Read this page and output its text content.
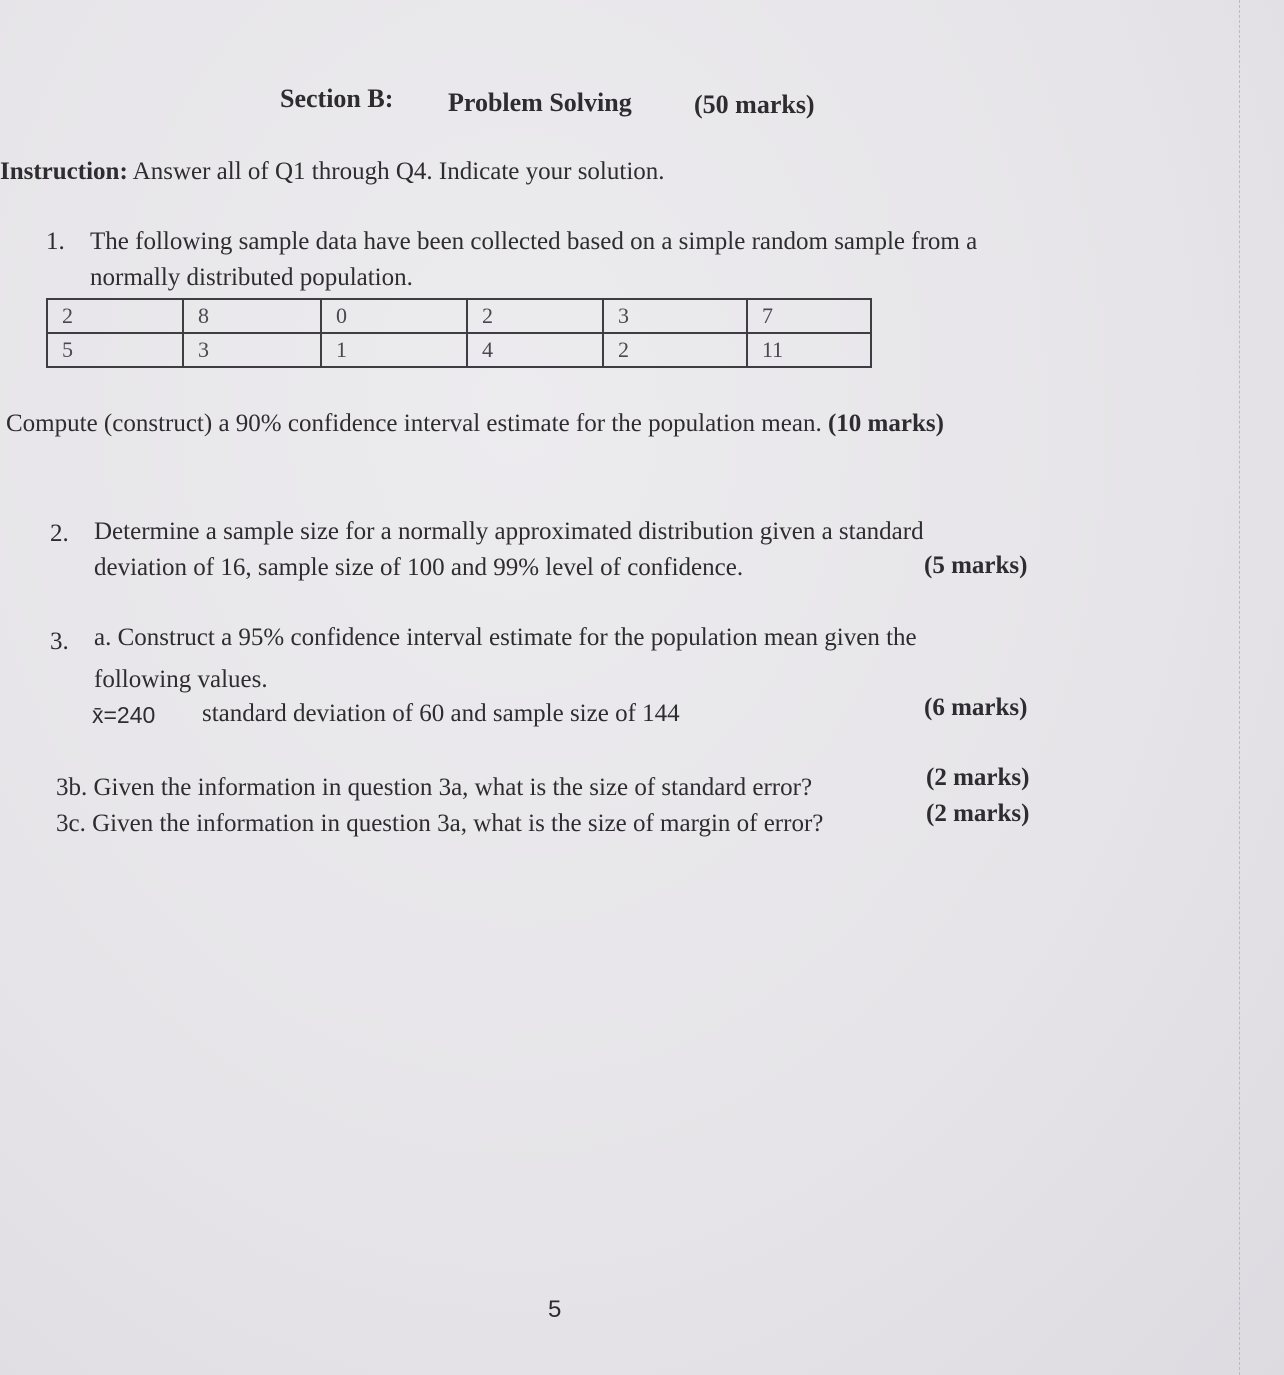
Section B: Problem Solving (50 marks)
Instruction: Answer all of Q1 through Q4. Indicate your solution.
1. The following sample data have been collected based on a simple random sample from a
normally distributed population.
2	8	0	2	3	7
5	3	1	4	2	11
Compute (construct) a 90% confidence interval estimate for the population mean. (10 marks)
2. Determine a sample size for a normally approximated distribution given a standard
deviation of 16, sample size of 100 and 99% level of confidence.	(5 marks)
3. a. Construct a 95% confidence interval estimate for the population mean given the
following values.
x̄=240 standard deviation of 60 and sample size of 144	(6 marks)
3b. Given the information in question 3a, what is the size of standard error?	(2 marks)
3c. Given the information in question 3a, what is the size of margin of error?	(2 marks)
5
